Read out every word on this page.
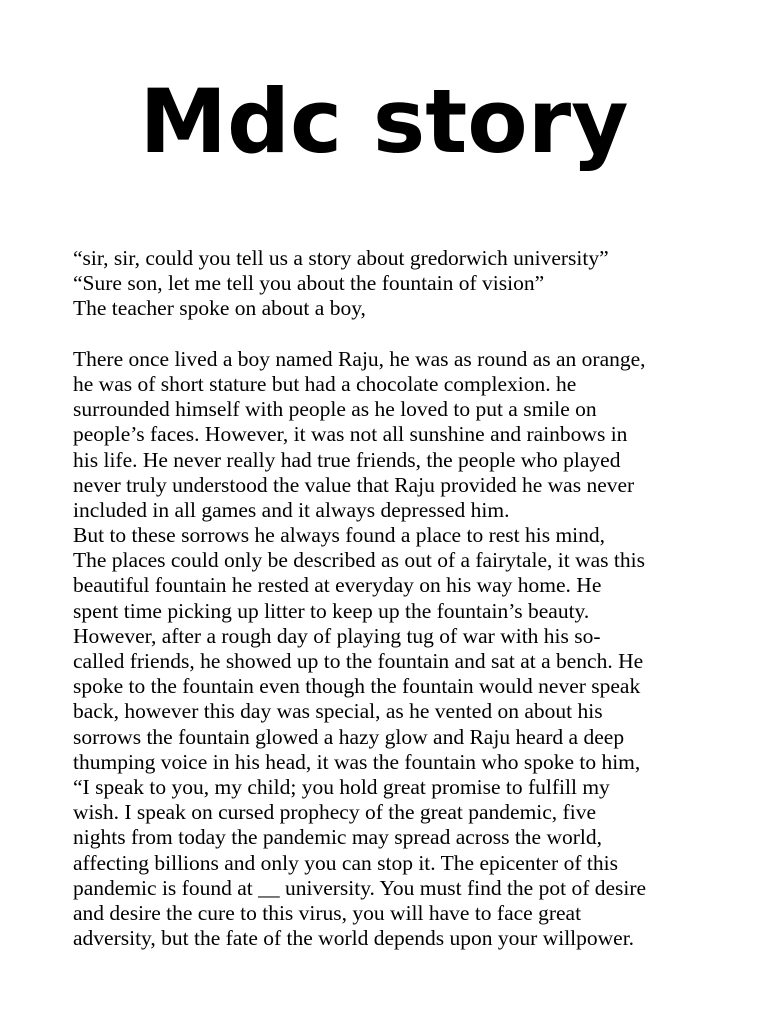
Mdc story
“sir, sir, could you tell us a story about gredorwich university”
“Sure son, let me tell you about the fountain of vision”
The teacher spoke on about a boy,
There once lived a boy named Raju, he was as round as an orange,
he was of short stature but had a chocolate complexion. he
surrounded himself with people as he loved to put a smile on
people’s faces. However, it was not all sunshine and rainbows in
his life. He never really had true friends, the people who played
never truly understood the value that Raju provided he was never
included in all games and it always depressed him.
But to these sorrows he always found a place to rest his mind,
The places could only be described as out of a fairytale, it was this
beautiful fountain he rested at everyday on his way home. He
spent time picking up litter to keep up the fountain’s beauty.
However, after a rough day of playing tug of war with his so-
called friends, he showed up to the fountain and sat at a bench. He
spoke to the fountain even though the fountain would never speak
back, however this day was special, as he vented on about his
sorrows the fountain glowed a hazy glow and Raju heard a deep
thumping voice in his head, it was the fountain who spoke to him,
“I speak to you, my child; you hold great promise to fulfill my
wish. I speak on cursed prophecy of the great pandemic, five
nights from today the pandemic may spread across the world,
affecting billions and only you can stop it. The epicenter of this
pandemic is found at __ university. You must find the pot of desire
and desire the cure to this virus, you will have to face great
adversity, but the fate of the world depends upon your willpower.
